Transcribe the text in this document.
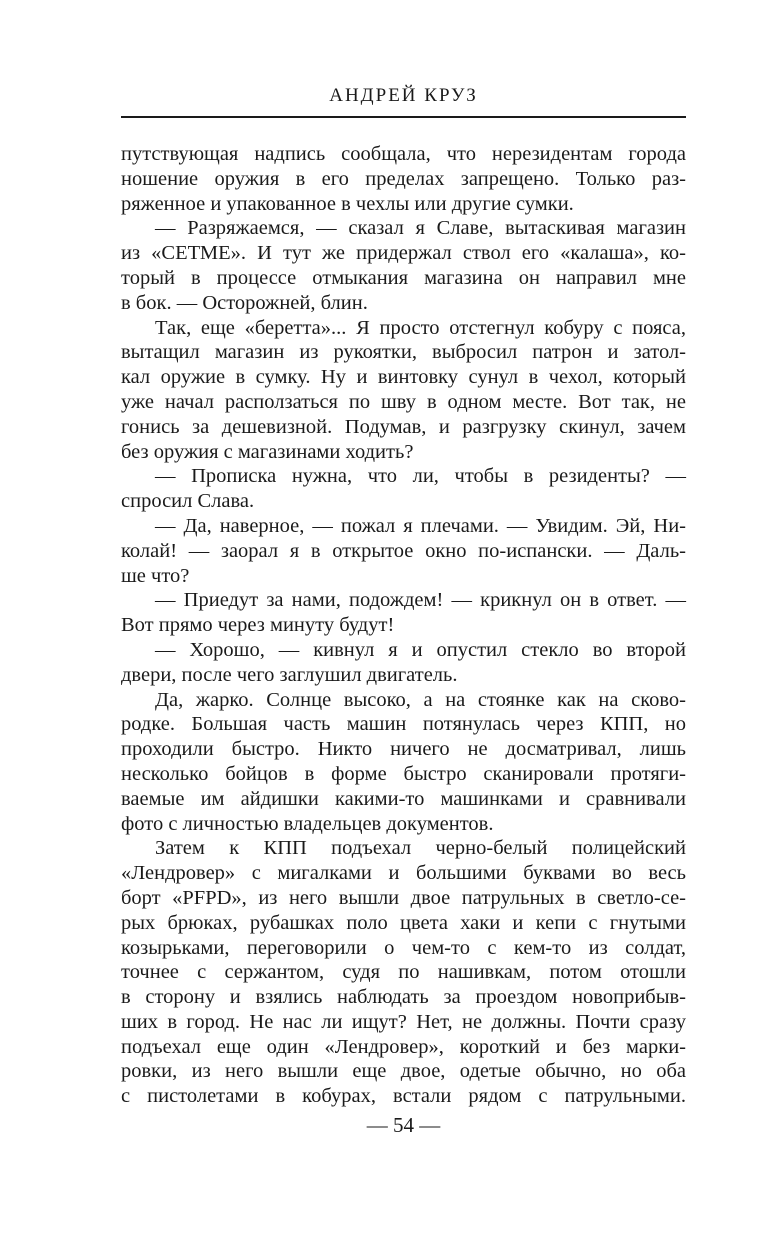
АНДРЕЙ КРУЗ

путствующая надпись сообщала, что нерезидентам города
ношение оружия в его пределах запрещено. Только раз-
ряженное и упакованное в чехлы или другие сумки.

— Разряжаемся, — сказал я Славе, вытаскивая магазин
из «СЕТМЕ». И тут же придержал ствол его «калаша», ко-
торый в процессе отмыкания магазина он направил мне
в бок. — Осторожней, блин.

Так, еще «беретта»... Я просто отстегнул кобуру с пояса,
вытащил магазин из рукоятки, выбросил патрон и затол-
кал оружие в сумку. Ну и винтовку сунул в чехол, который
уже начал расползаться по шву в одном месте. Вот так, не
гонись за дешевизной. Подумав, и разгрузку скинул, зачем
без оружия с магазинами ходить?

— Прописка нужна, что ли, чтобы в резиденты? —
спросил Слава.

— Да, наверное, — пожал я плечами. — Увидим. Эй, Ни-
колай! — заорал я в открытое окно по-испански. — Даль-
ше что?

— Приедут за нами, подождем! — крикнул он в ответ. —
Вот прямо через минуту будут!

— Хорошо, — кивнул я и опустил стекло во второй
двери, после чего заглушил двигатель.

Да, жарко. Солнце высоко, а на стоянке как на сково-
родке. Большая часть машин потянулась через КПП, но
проходили быстро. Никто ничего не досматривал, лишь
несколько бойцов в форме быстро сканировали протяги-
ваемые им айдишки какими-то машинками и сравнивали
фото с личностью владельцев документов.

Затем к КПП подъехал черно-белый полицейский
«Лендровер» с мигалками и большими буквами во весь
борт «PFPD», из него вышли двое патрульных в светло-се-
рых брюках, рубашках поло цвета хаки и кепи с гнутыми
козырьками, переговорили о чем-то с кем-то из солдат,
точнее с сержантом, судя по нашивкам, потом отошли
в сторону и взялись наблюдать за проездом новоприбыв-
ших в город. Не нас ли ищут? Нет, не должны. Почти сразу
подъехал еще один «Лендровер», короткий и без марки-
ровки, из него вышли еще двое, одетые обычно, но оба
с пистолетами в кобурах, встали рядом с патрульными.

— 54 —
